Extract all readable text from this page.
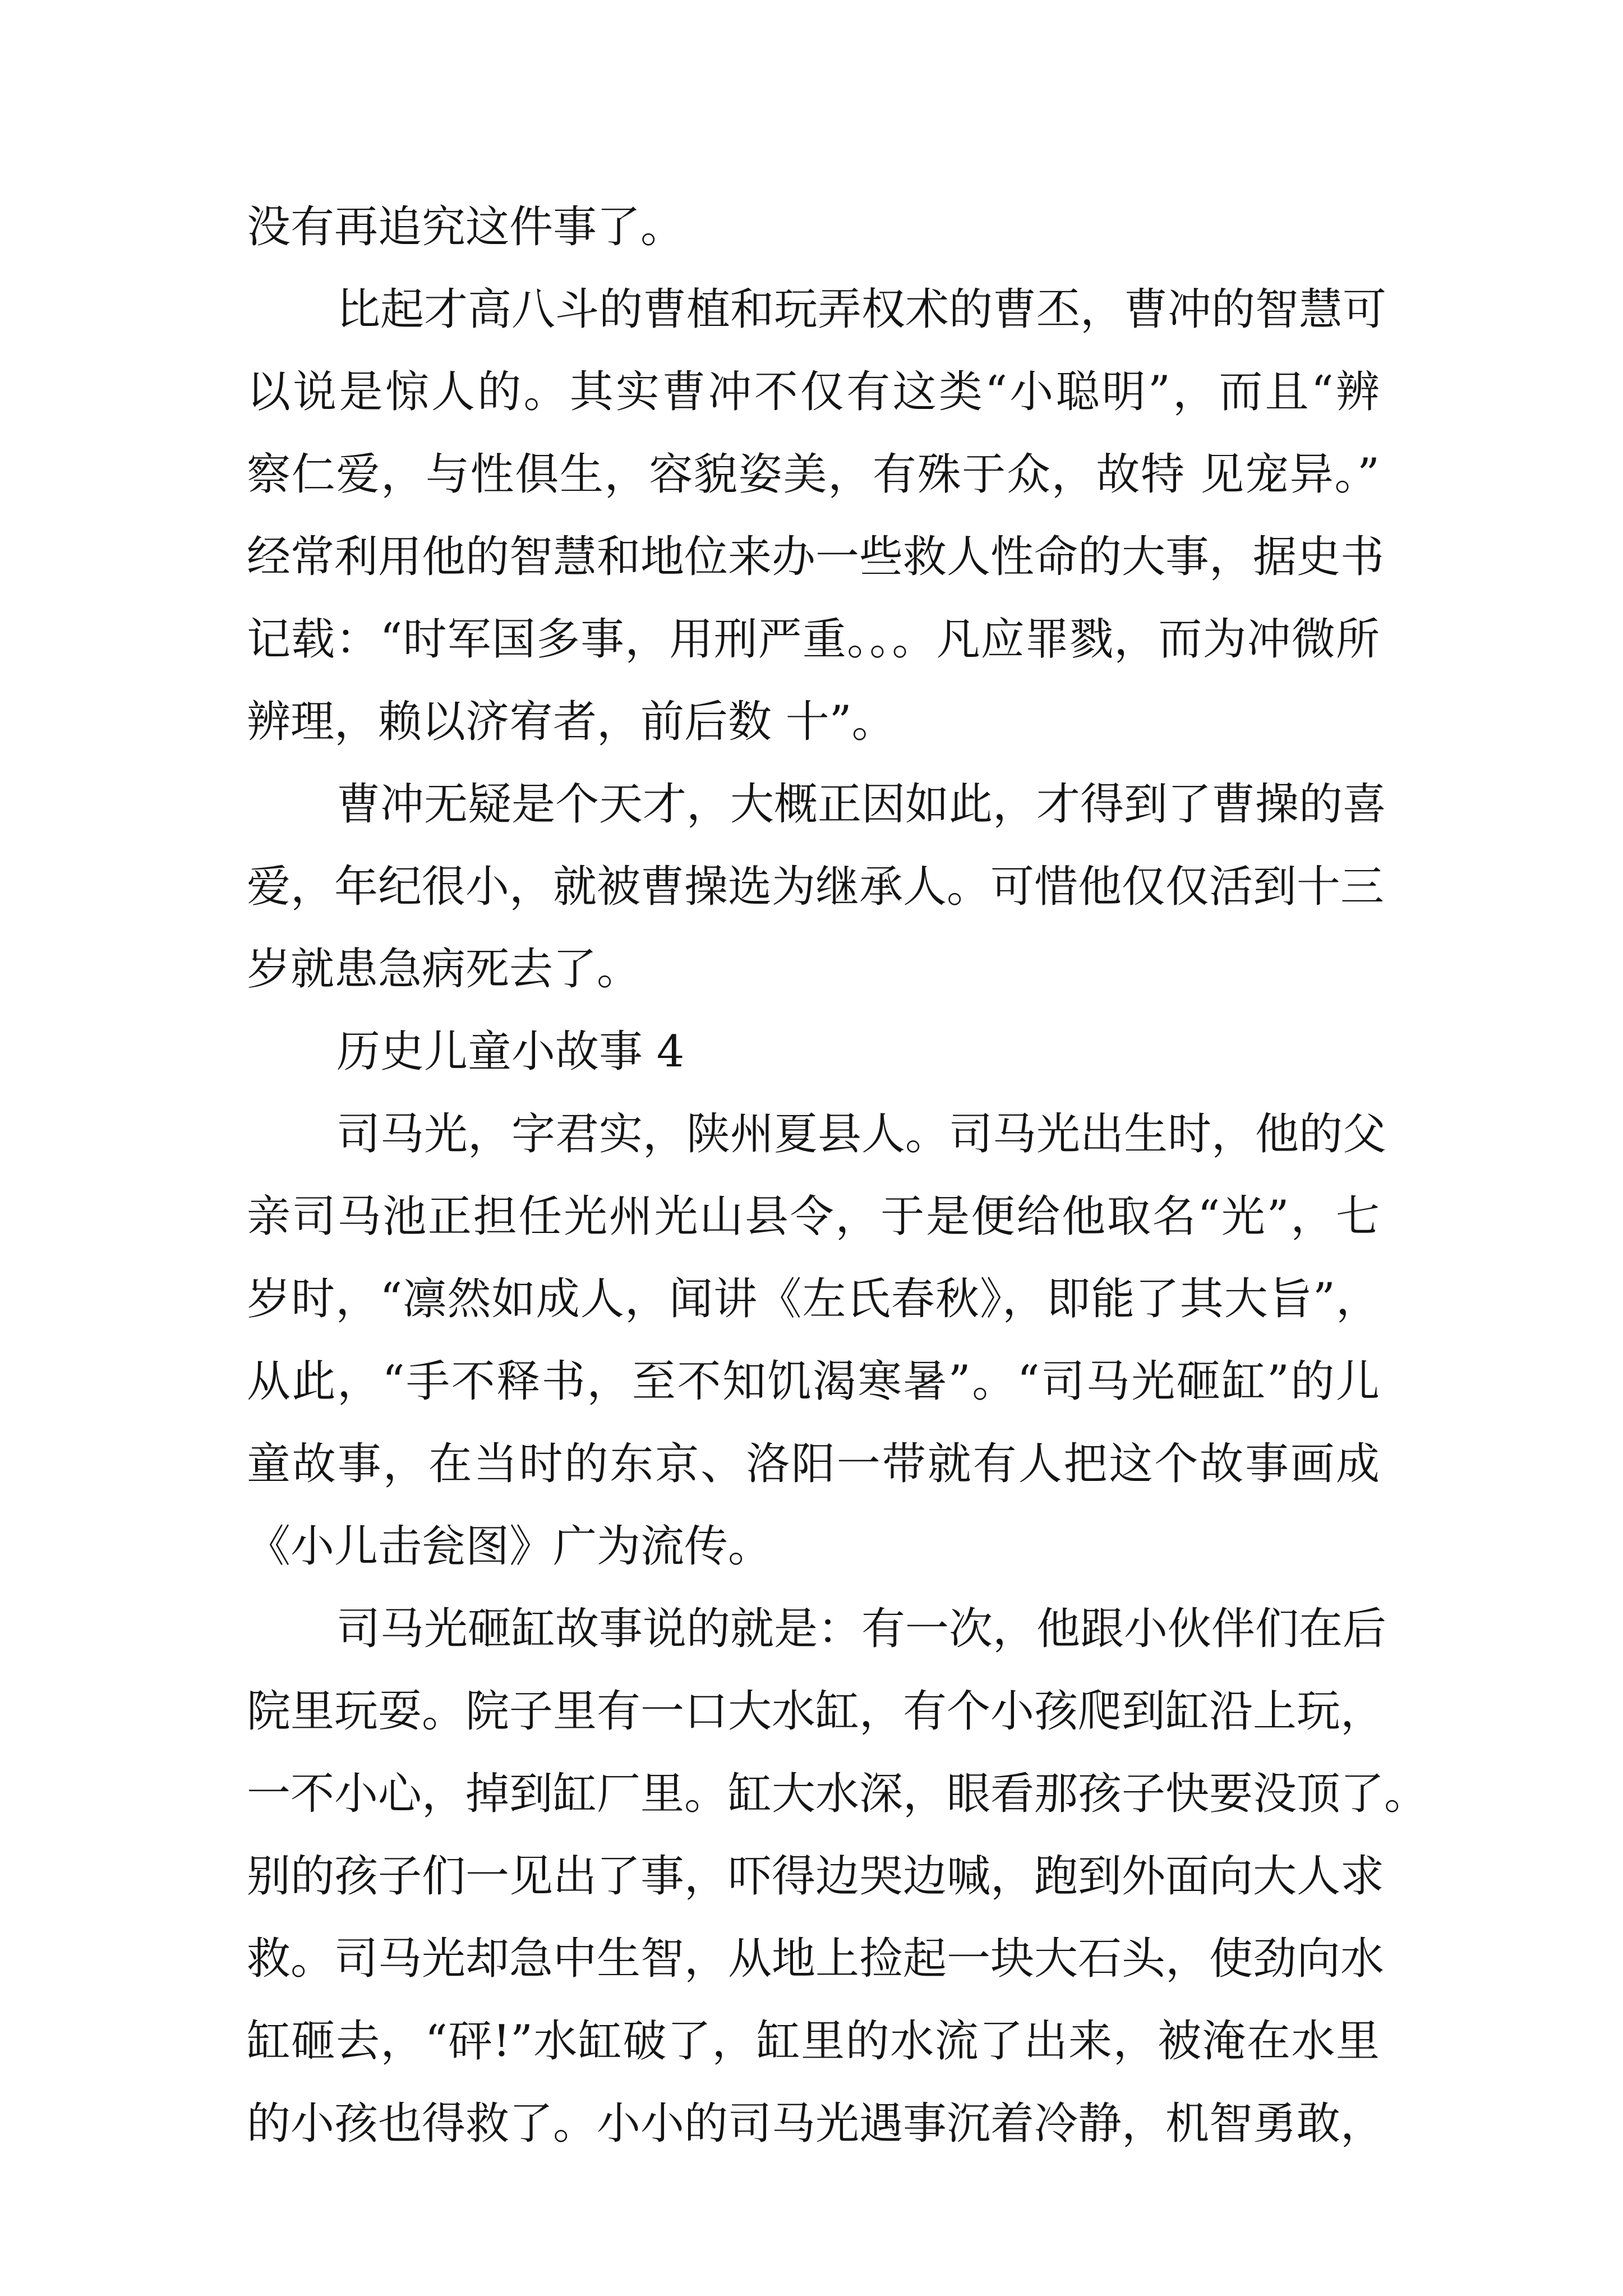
没有再追究这件事了。
比起才高八斗的曹植和玩弄权术的曹丕，曹冲的智慧可
以说是惊人的。其实曹冲不仅有这类“小聪明”，而且“辨
察仁爱，与性俱生，容貌姿美，有殊于众，故特 见宠异。”
经常利用他的智慧和地位来办一些救人性命的大事，据史书
记载：“时军国多事，用刑严重。。。凡应罪戮，而为冲微所
辨理，赖以济宥者，前后数 十”。
曹冲无疑是个天才，大概正因如此，才得到了曹操的喜
爱，年纪很小，就被曹操选为继承人。可惜他仅仅活到十三
岁就患急病死去了。
历史儿童小故事 4
司马光，字君实，陕州夏县人。司马光出生时，他的父
亲司马池正担任光州光山县令，于是便给他取名“光”，七
岁时，“凛然如成人，闻讲《左氏春秋》，即能了其大旨”，
从此，“手不释书，至不知饥渴寒暑”。“司马光砸缸”的儿
童故事，在当时的东京、洛阳一带就有人把这个故事画成
《小儿击瓮图》广为流传。
司马光砸缸故事说的就是：有一次，他跟小伙伴们在后
院里玩耍。院子里有一口大水缸，有个小孩爬到缸沿上玩，
一不小心，掉到缸厂里。缸大水深，眼看那孩子快要没顶了。
别的孩子们一见出了事，吓得边哭边喊，跑到外面向大人求
救。司马光却急中生智，从地上捡起一块大石头，使劲向水
缸砸去，“砰!”水缸破了，缸里的水流了出来，被淹在水里
的小孩也得救了。小小的司马光遇事沉着冷静，机智勇敢，
